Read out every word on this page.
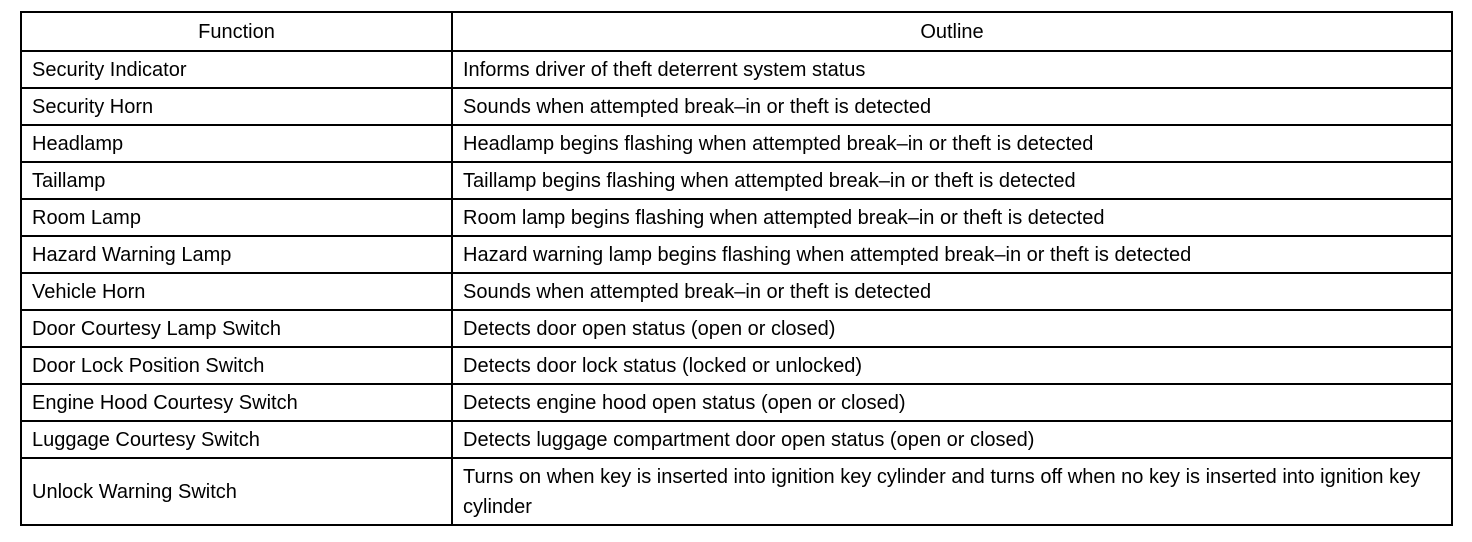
Function	Outline
Security Indicator	Informs driver of theft deterrent system status
Security Horn	Sounds when attempted break–in or theft is detected
Headlamp	Headlamp begins flashing when attempted break–in or theft is detected
Taillamp	Taillamp begins flashing when attempted break–in or theft is detected
Room Lamp	Room lamp begins flashing when attempted break–in or theft is detected
Hazard Warning Lamp	Hazard warning lamp begins flashing when attempted break–in or theft is detected
Vehicle Horn	Sounds when attempted break–in or theft is detected
Door Courtesy Lamp Switch	Detects door open status (open or closed)
Door Lock Position Switch	Detects door lock status (locked or unlocked)
Engine Hood Courtesy Switch	Detects engine hood open status (open or closed)
Luggage Courtesy Switch	Detects luggage compartment door open status (open or closed)
Unlock Warning Switch	Turns on when key is inserted into ignition key cylinder and turns off when no key is inserted into ignition key cylinder
